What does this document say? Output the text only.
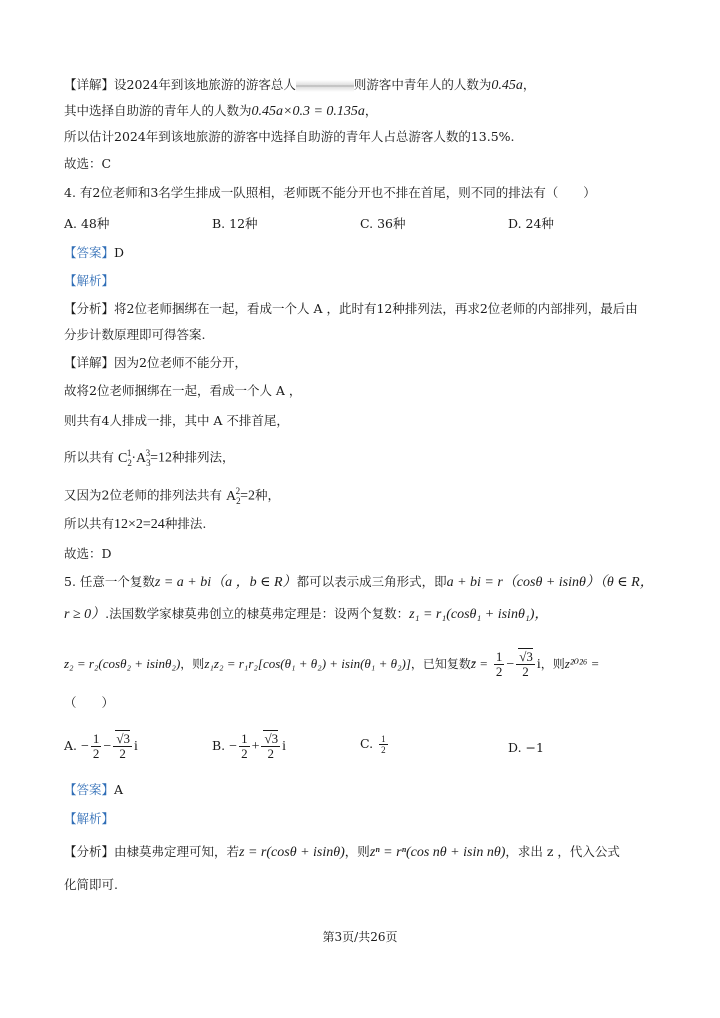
【详解】设2024年到该地旅游的游客总人	则游客中青年人的人数为0.45a，
其中选择自助游的青年人的人数为0.45a×0.3 = 0.135a，
所以估计2024年到该地旅游的游客中选择自助游的青年人占总游客人数的13.5%.
故选：C
4. 有2位老师和3名学生排成一队照相，老师既不能分开也不排在首尾，则不同的排法有（　　）
A. 48种	B. 12种	C. 36种	D. 24种
【答案】D
【解析】
【分析】将2位老师捆绑在一起，看成一个人 A ，此时有12种排列法，再求2位老师的内部排列，最后由
分步计数原理即可得答案.
【详解】因为2位老师不能分开，
故将2位老师捆绑在一起，看成一个人 A ，
则共有4人排成一排，其中 A 不排首尾，
所以共有 $C_2^1\cdot A_3^3=12$种排列法，
又因为2位老师的排列法共有 $A_2^2=2$种，
所以共有12×2=24种排法.
故选：D
5. 任意一个复数z = a + bi（a ，b ∈ R）都可以表示成三角形式，即a + bi = r（cosθ + isinθ）（θ ∈ R，
r ≥ 0）.法国数学家棣莫弗创立的棣莫弗定理是：设两个复数：z₁ = r₁(cosθ₁ + isinθ₁)，
z₂ = r₂(cosθ₂ + isinθ₂)，则z₁z₂ = r₁r₂[cos(θ₁ + θ₂) + isin(θ₁ + θ₂)]，已知复数z̄ = $\frac{1}{2} - \frac{√3}{2}$ i，则z²⁰²⁶ =
（　　）
A. − $\frac{1}{2} - \frac{√3}{2}$ i	B. − $\frac{1}{2} + \frac{√3}{2}$ i	C. $\frac{1}{2}$	D. −1
【答案】A
【解析】
【分析】由棣莫弗定理可知，若z = r(cosθ + isinθ)，则zⁿ = rⁿ(cos nθ + isin nθ)，求出 z ，代入公式
化简即可.
第3页/共26页
